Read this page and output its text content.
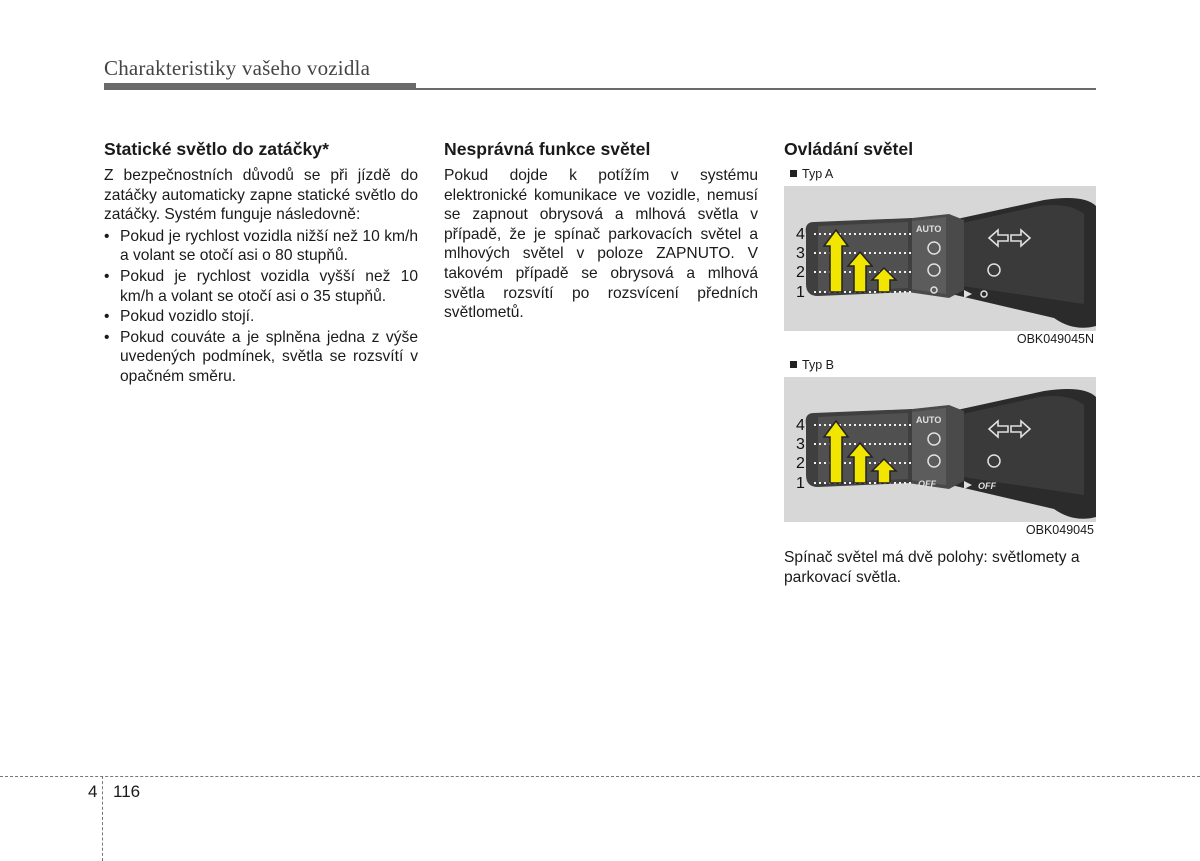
Charakteristiky vašeho vozidla
Statické světlo do zatáčky*

Z bezpečnostních důvodů se při jízdě do zatáčky automaticky zapne statické světlo do zatáčky. Systém funguje následovně:

• Pokud je rychlost vozidla nižší než 10 km/h a volant se otočí asi o 80 stupňů.
• Pokud je rychlost vozidla vyšší než 10 km/h a volant se otočí asi o 35 stupňů.
• Pokud vozidlo stojí.
• Pokud couváte a je splněna jedna z výše uvedených podmínek, světla se rozsvítí v opačném směru.
Nesprávná funkce světel

Pokud dojde k potížím v systému elektronické komunikace ve vozidle, nemusí se zapnout obrysová a mlhová světla v případě, že je spínač parkovacích světel a mlhových světel v poloze ZAPNUTO. V takovém případě se obrysová a mlhová světla rozsvítí po rozsvícení předních světlometů.

Ovládání světel
Typ A
4
3
2
1
AUTO
OBK049045N
Typ B
4
3
2
1
AUTO
OFF	OFF
OBK049045
Spínač světel má dvě polohy: světlomety a parkovací světla.
4 116
